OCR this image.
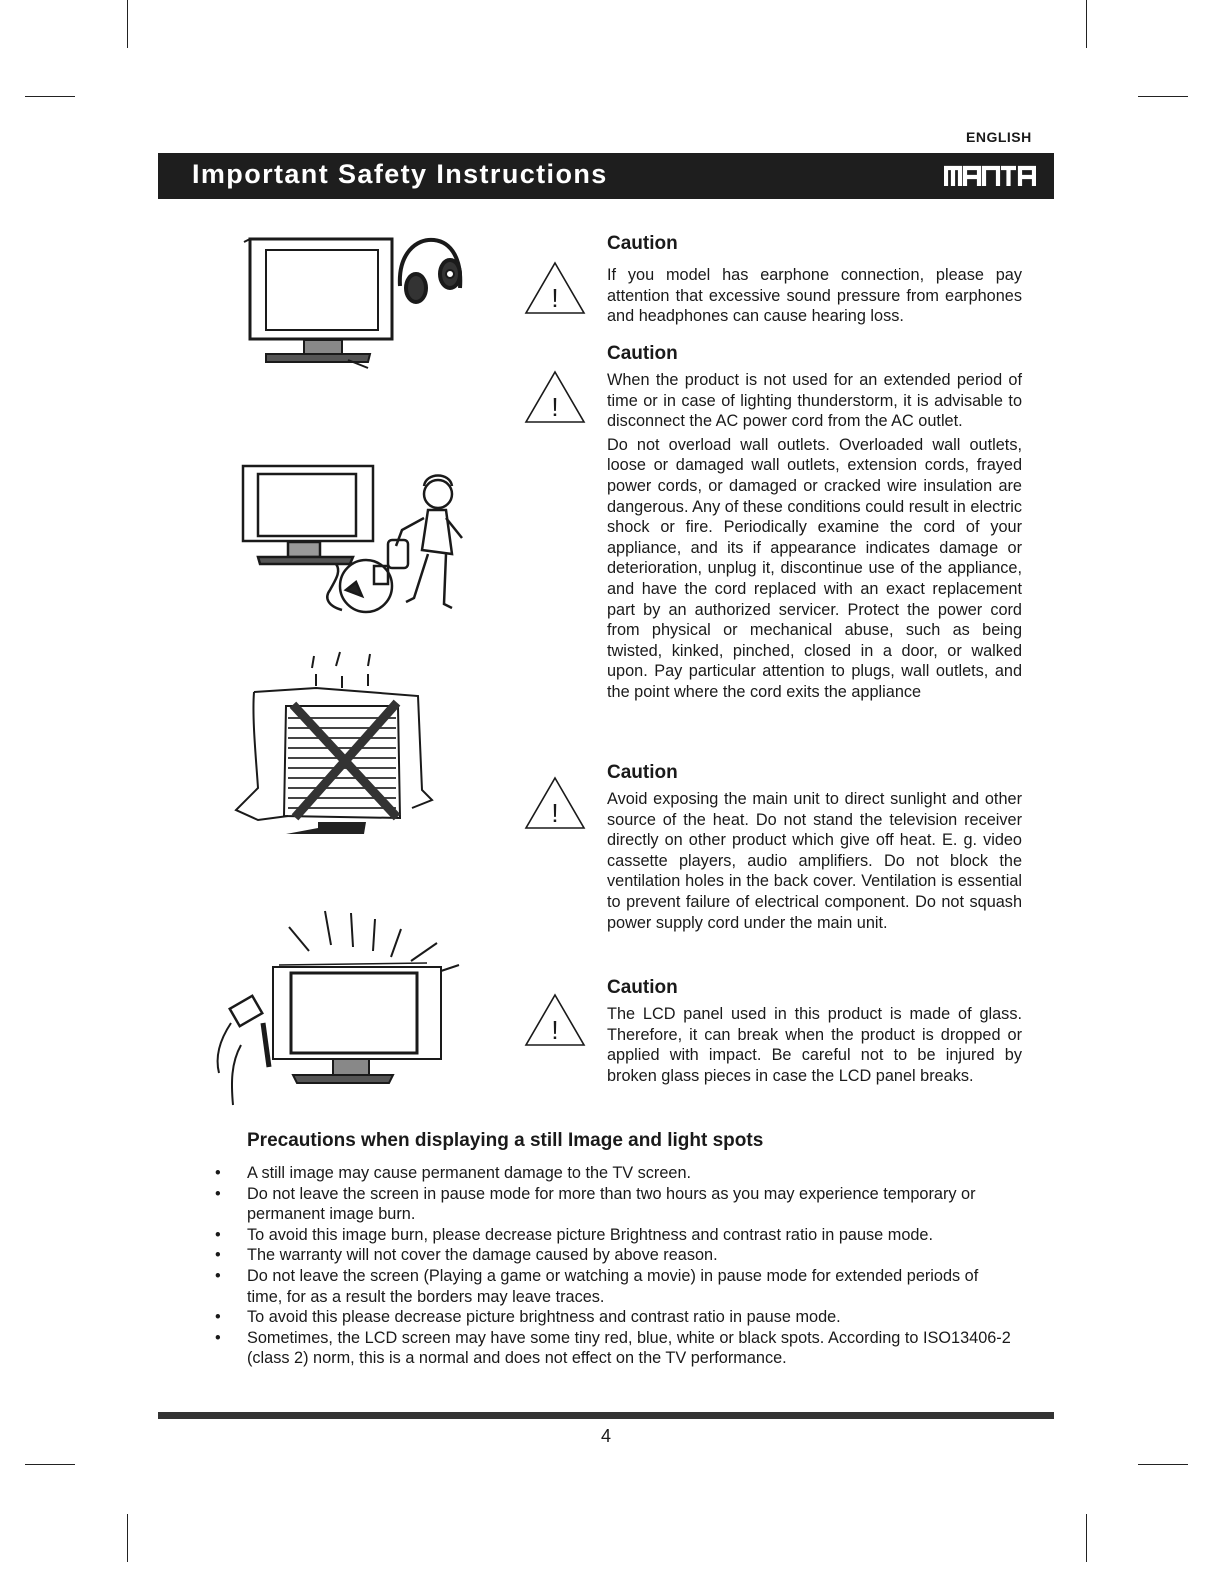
ENGLISH
Important Safety Instructions
!
!
!
!
Caution

If you model has earphone connection, please pay attention that excessive sound pressure from earphones and headphones can cause hearing loss.

Caution

When the product is not used for an extended period of time or in case of lighting thunderstorm, it is advisable to disconnect the AC power cord from the AC outlet.

Do not overload wall outlets. Overloaded wall outlets, loose or damaged wall outlets, extension cords, frayed power cords, or damaged or cracked wire insulation are dangerous. Any of these conditions could result in electric shock or fire. Periodically examine the cord of your appliance, and its if appearance indicates damage or deterioration, unplug it, discontinue use of the appliance, and have the cord replaced with an exact replacement part by an authorized servicer. Protect the power cord from physical or mechanical abuse, such as being twisted, kinked, pinched, closed in a door, or walked upon. Pay particular attention to plugs, wall outlets, and the point where the cord exits the appliance

Caution

Avoid exposing the main unit to direct sunlight and other source of the heat. Do not stand the television receiver directly on other product which give off heat. E. g. video cassette players, audio amplifiers. Do not block the ventilation holes in the back cover. Ventilation is essential to prevent failure of electrical component. Do not squash power supply cord under the main unit.

Caution

The LCD panel used in this product is made of glass. Therefore, it can break when the product is dropped or applied with impact. Be careful not to be injured by broken glass pieces in case the LCD panel breaks.

Precautions when displaying a still Image and light spots
• A still image may cause permanent damage to the TV screen.
• Do not leave the screen in pause mode for more than two hours as you may experience temporary or permanent image burn.
• To avoid this image burn, please decrease picture Brightness and contrast ratio in pause mode.
• The warranty will not cover the damage caused by above reason.
• Do not leave the screen (Playing a game or watching a movie) in pause mode for extended periods of time, for as a result the borders may leave traces.
• To avoid this please decrease picture brightness and contrast ratio in pause mode.
• Sometimes, the LCD screen may have some tiny red, blue, white or black spots. According to ISO13406-2 (class 2) norm, this is a normal and does not effect on the TV performance.
4
